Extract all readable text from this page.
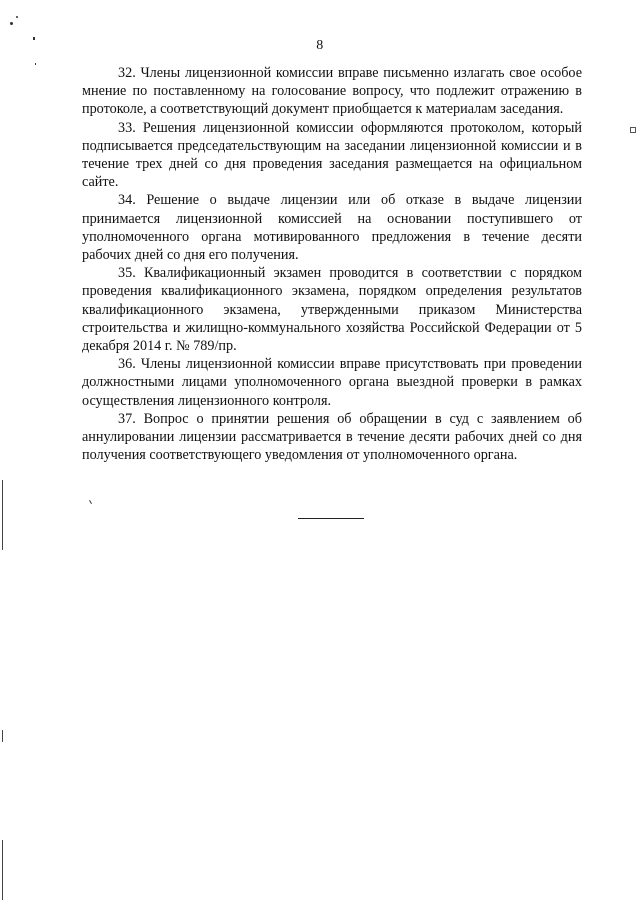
8

32. Члены лицензионной комиссии вправе письменно излагать свое особое мнение по поставленному на голосование вопросу, что подлежит отражению в протоколе, а соответствующий документ приобщается к материалам заседания.

33. Решения лицензионной комиссии оформляются протоколом, который подписывается председательствующим на заседании лицензионной комиссии и в течение трех дней со дня проведения заседания размещается на официальном сайте.

34. Решение о выдаче лицензии или об отказе в выдаче лицензии принимается лицензионной комиссией на основании поступившего от уполномоченного органа мотивированного предложения в течение десяти рабочих дней со дня его получения.

35. Квалификационный экзамен проводится в соответствии с порядком проведения квалификационного экзамена, порядком определения результатов квалификационного экзамена, утвержденными приказом Министерства строительства и жилищно-коммунального хозяйства Российской Федерации от 5 декабря 2014 г. № 789/пр.

36. Члены лицензионной комиссии вправе присутствовать при проведении должностными лицами уполномоченного органа выездной проверки в рамках осуществления лицензионного контроля.

37. Вопрос о принятии решения об обращении в суд с заявлением об аннулировании лицензии рассматривается в течение десяти рабочих дней со дня получения соответствующего уведомления от уполномоченного органа.
